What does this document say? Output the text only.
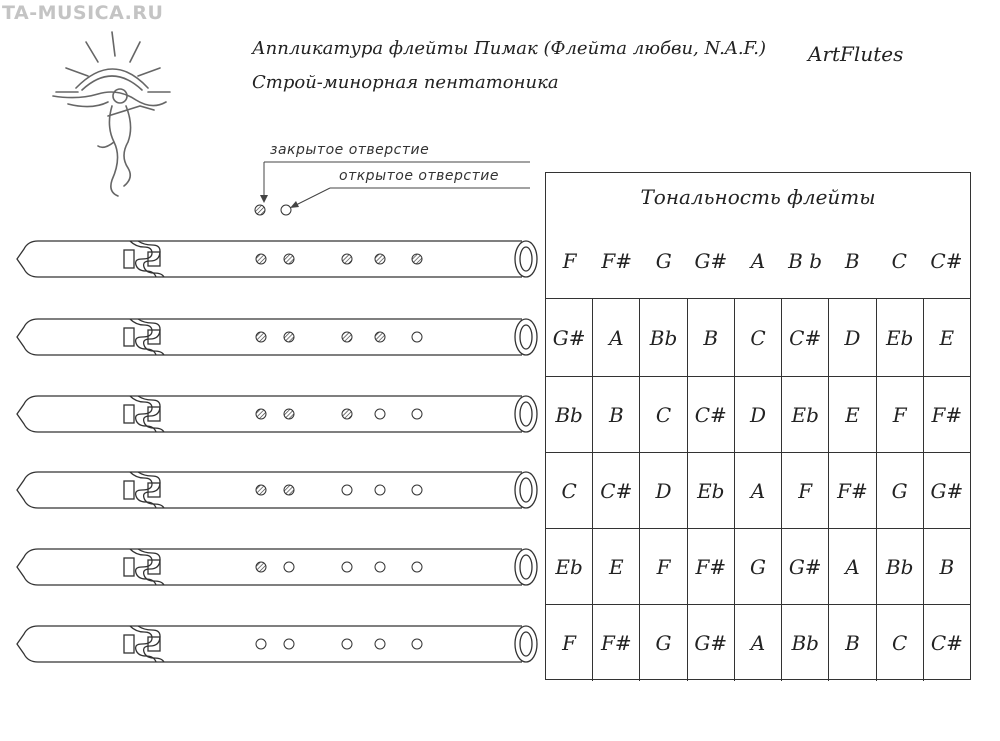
TA-MUSICA.RU
Аппликатура флейты Пимак (Флейта любви, N.A.F.)
Строй-минорная пентатоника
ArtFlutes
закрытое отверстие
открытое отверстие
Тональность флейты
F	F#	G	G#	A	B b	B	C	C#
G#	A	Bb	B	C	C#	D	Eb	E
Bb	B	C	C#	D	Eb	E	F	F#
C	C#	D	Eb	A	F	F#	G	G#
Eb	E	F	F#	G	G#	A	Bb	B
F	F#	G	G#	A	Bb	B	C	C#
